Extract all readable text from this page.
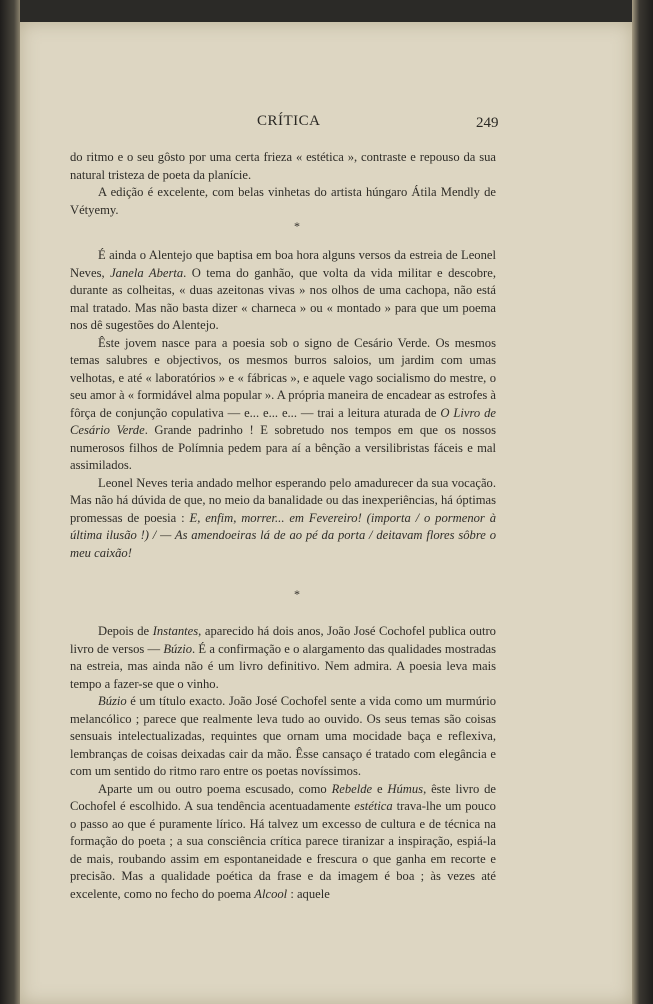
CRÍTICA	249

do ritmo e o seu gôsto por uma certa frieza « estética », contraste e repouso da sua natural tristeza de poeta da planície.

A edição é excelente, com belas vinhetas do artista húngaro Átila Mendly de Vétyemy.

*

É ainda o Alentejo que baptisa em boa hora alguns versos da estreia de Leonel Neves, Janela Aberta. O tema do ganhão, que volta da vida militar e descobre, durante as colheitas, « duas azeitonas vivas » nos olhos de uma cachopa, não está mal tratado. Mas não basta dizer « charneca » ou « montado » para que um poema nos dê sugestões do Alentejo.

Êste jovem nasce para a poesia sob o signo de Cesário Verde. Os mesmos temas salubres e objectivos, os mesmos burros saloios, um jardim com umas velhotas, e até « laboratórios » e « fábricas », e aquele vago socialismo do mestre, o seu amor à « formidável alma popular ». A própria maneira de encadear as estrofes à fôrça de conjunção copulativa — e... e... e... — trai a leitura aturada de O Livro de Cesário Verde. Grande padrinho ! E sobretudo nos tempos em que os nossos numerosos filhos de Polímnia pedem para aí a bênção a versilibristas fáceis e mal assimilados.

Leonel Neves teria andado melhor esperando pelo amadurecer da sua vocação. Mas não há dúvida de que, no meio da banalidade ou das inexperiências, há óptimas promessas de poesia : E, enfim, morrer... em Fevereiro! (importa / o pormenor à última ilusão !) / — As amendoeiras lá de ao pé da porta / deitavam flores sôbre o meu caixão!

*

Depois de Instantes, aparecido há dois anos, João José Cochofel publica outro livro de versos — Búzio. É a confirmação e o alargamento das qualidades mostradas na estreia, mas ainda não é um livro definitivo. Nem admira. A poesia leva mais tempo a fazer-se que o vinho.

Búzio é um título exacto. João José Cochofel sente a vida como um murmúrio melancólico ; parece que realmente leva tudo ao ouvido. Os seus temas são coisas sensuais intelectualizadas, requintes que ornam uma mocidade baça e reflexiva, lembranças de coisas deixadas cair da mão. Êsse cansaço é tratado com elegância e com um sentido do ritmo raro entre os poetas novíssimos.

Aparte um ou outro poema escusado, como Rebelde e Húmus, êste livro de Cochofel é escolhido. A sua tendência acentuadamente estética trava-lhe um pouco o passo ao que é puramente lírico. Há talvez um excesso de cultura e de técnica na formação do poeta ; a sua consciência crítica parece tiranizar a inspiração, espiá-la de mais, roubando assim em espontaneidade e frescura o que ganha em recorte e precisão. Mas a qualidade poética da frase e da imagem é boa ; às vezes até excelente, como no fecho do poema Alcool : aquele
